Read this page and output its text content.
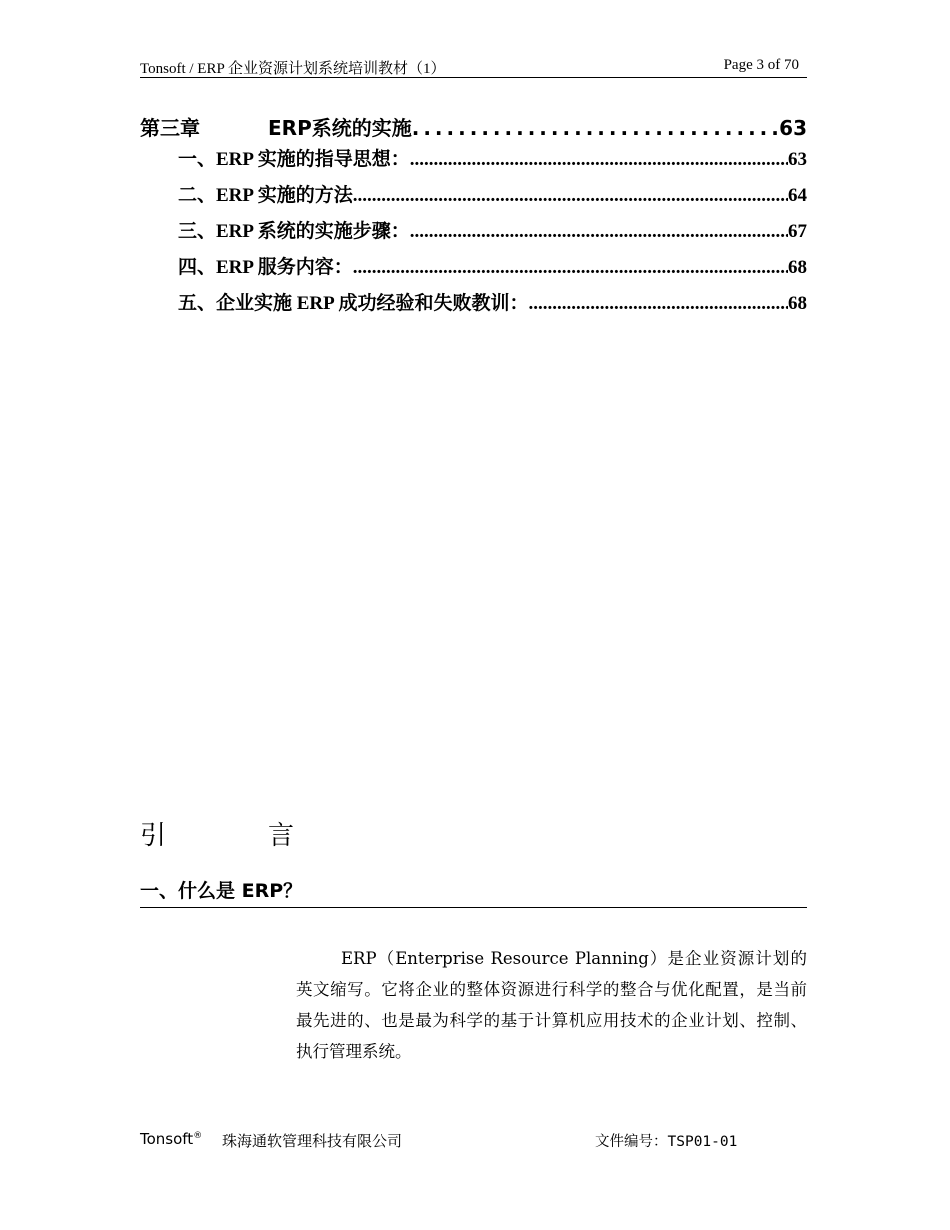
Tonsoft / ERP 企业资源计划系统培训教材（1）	Page 3 of 70
第三章	ERP系统的实施 .....	63
一、ERP 实施的指导思想： .....	63
二、ERP 实施的方法 .....	64
三、ERP 系统的实施步骤： .....	67
四、ERP 服务内容： .....	68
五、企业实施 ERP 成功经验和失败教训： .....	68
引	言
一、什么是 ERP？

ERP（Enterprise Resource Planning）是企业资源计划的英文缩写。它将企业的整体资源进行科学的整合与优化配置，是当前最先进的、也是最为科学的基于计算机应用技术的企业计划、控制、执行管理系统。

Tonsoft® 珠海通软管理科技有限公司	文件编号：TSP01-01
